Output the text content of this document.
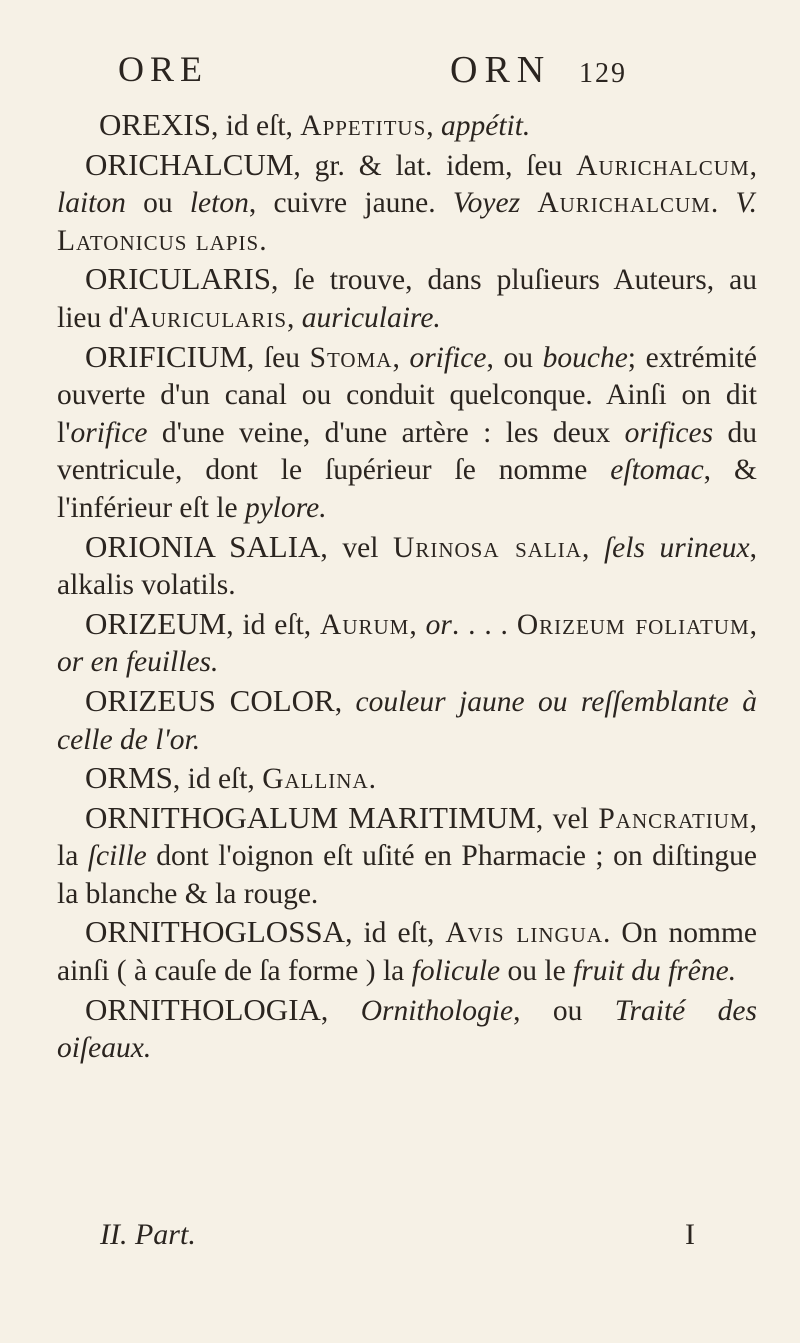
ORE	ORN 129

OREXIS, id eſt, Appetitus, appétit.

ORICHALCUM, gr. & lat. idem, ſeu Aurichalcum, laiton ou leton, cuivre jaune. Voyez Aurichalcum. V. Latonicus lapis.

ORICULARIS, ſe trouve, dans pluſieurs Auteurs, au lieu d'Auricularis, auriculaire.

ORIFICIUM, ſeu Stoma, orifice, ou bouche; extrémité ouverte d'un canal ou conduit quelconque. Ainſi on dit l'orifice d'une veine, d'une artère : les deux orifices du ventricule, dont le ſupérieur ſe nomme eſtomac, & l'inférieur eſt le pylore.

ORIONIA SALIA, vel Urinosa salia, ſels urineux, alkalis volatils.

ORIZEUM, id eſt, Aurum, or. . . . Orizeum foliatum, or en feuilles.

ORIZEUS COLOR, couleur jaune ou reſſemblante à celle de l'or.

ORMS, id eſt, Gallina.

ORNITHOGALUM MARITIMUM, vel Pancratium, la ſcille dont l'oignon eſt uſité en Pharmacie ; on diſtingue la blanche & la rouge.

ORNITHOGLOSSA, id eſt, Avis lingua. On nomme ainſi ( à cauſe de ſa forme ) la folicule ou le fruit du frêne.

ORNITHOLOGIA, Ornithologie, ou Traité des oiſeaux.

II. Part.	I
